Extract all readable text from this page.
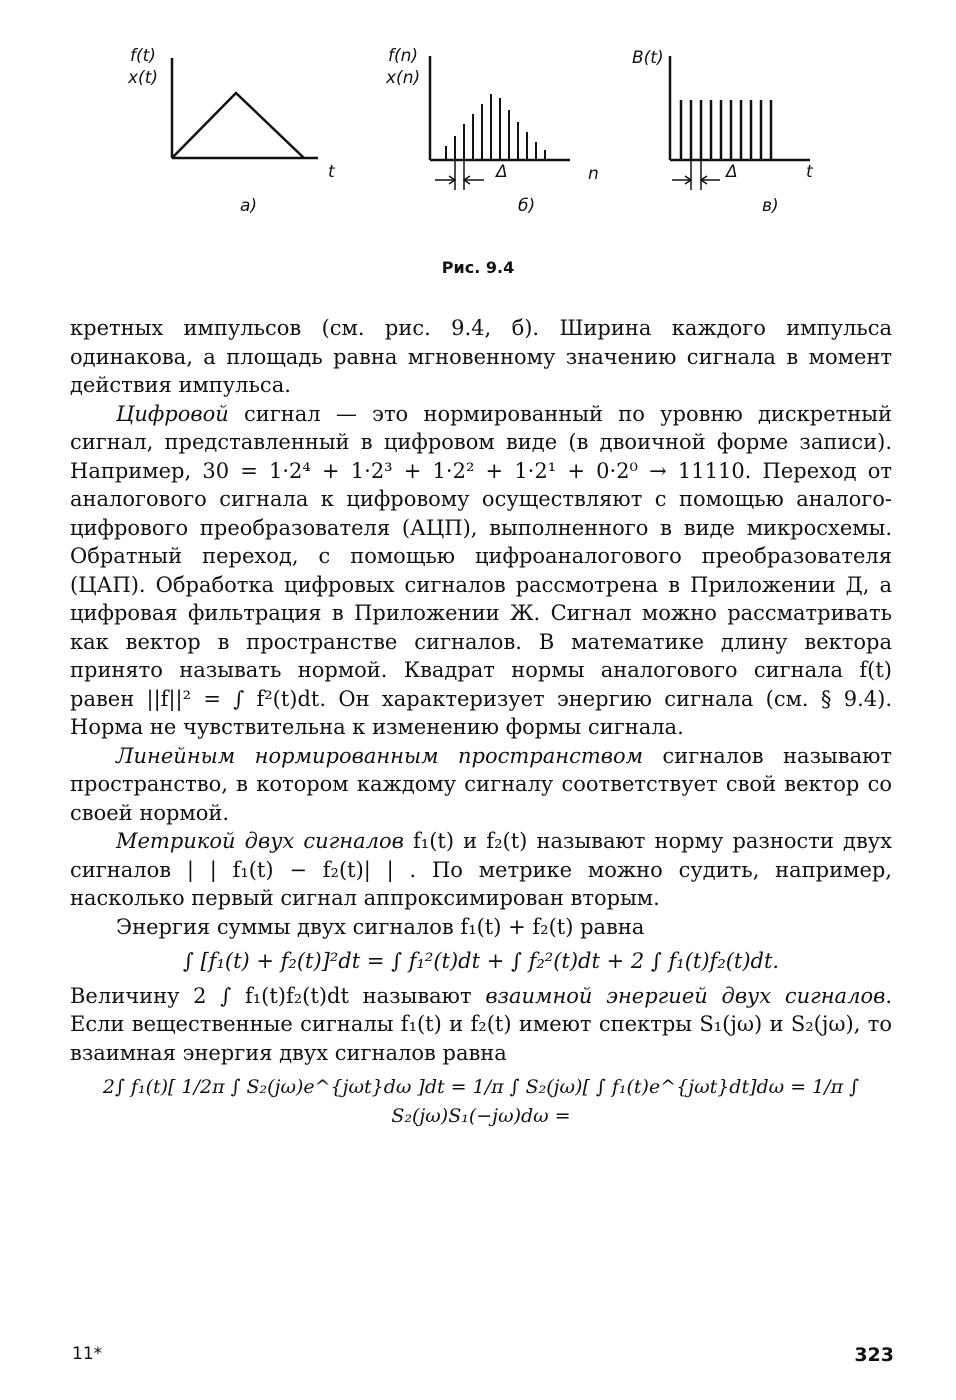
f(t)
x(t)
t
а)
f(n)
x(n)
n
Δ
б)
B(t)
t
Δ
в)
Рис. 9.4

кретных импульсов (см. рис. 9.4, б). Ширина каждого импульса одинакова, а площадь равна мгновенному значению сигнала в момент действия импульса.

Цифровой сигнал — это нормированный по уровню дискретный сигнал, представленный в цифровом виде (в двоичной форме записи). Например, 30 = 1·2⁴ + 1·2³ + 1·2² + 1·2¹ + 0·2⁰ → 11110. Переход от аналогового сигнала к цифровому осуществляют с помощью аналого-цифрового преобразователя (АЦП), выполненного в виде микросхемы. Обратный переход, с помощью цифроаналогового преобразователя (ЦАП). Обработка цифровых сигналов рассмотрена в Приложении Д, а цифровая фильтрация в Приложении Ж. Сигнал можно рассматривать как вектор в пространстве сигналов. В математике длину вектора принято называть нормой. Квадрат нормы аналогового сигнала f(t) равен ||f||² = ∫ f²(t)dt. Он характеризует энергию сигнала (см. § 9.4). Норма не чувствительна к изменению формы сигнала.

Линейным нормированным пространством сигналов называют пространство, в котором каждому сигналу соответствует свой вектор со своей нормой.

Метрикой двух сигналов f₁(t) и f₂(t) называют норму разности двух сигналов | | f₁(t) − f₂(t)| | . По метрике можно судить, например, насколько первый сигнал аппроксимирован вторым.

Энергия суммы двух сигналов f₁(t) + f₂(t) равна

∫ [f₁(t) + f₂(t)]²dt = ∫ f₁²(t)dt + ∫ f₂²(t)dt + 2 ∫ f₁(t)f₂(t)dt.

Величину 2 ∫ f₁(t)f₂(t)dt называют взаимной энергией двух сигналов. Если вещественные сигналы f₁(t) и f₂(t) имеют спектры S₁(jω) и S₂(jω), то взаимная энергия двух сигналов равна

2∫ f₁(t)[ 1/2π ∫ S₂(jω)e^{jωt}dω ]dt = 1/π ∫ S₂(jω)[ ∫ f₁(t)e^{jωt}dt]dω = 1/π ∫ S₂(jω)S₁(−jω)dω =
11*	323
